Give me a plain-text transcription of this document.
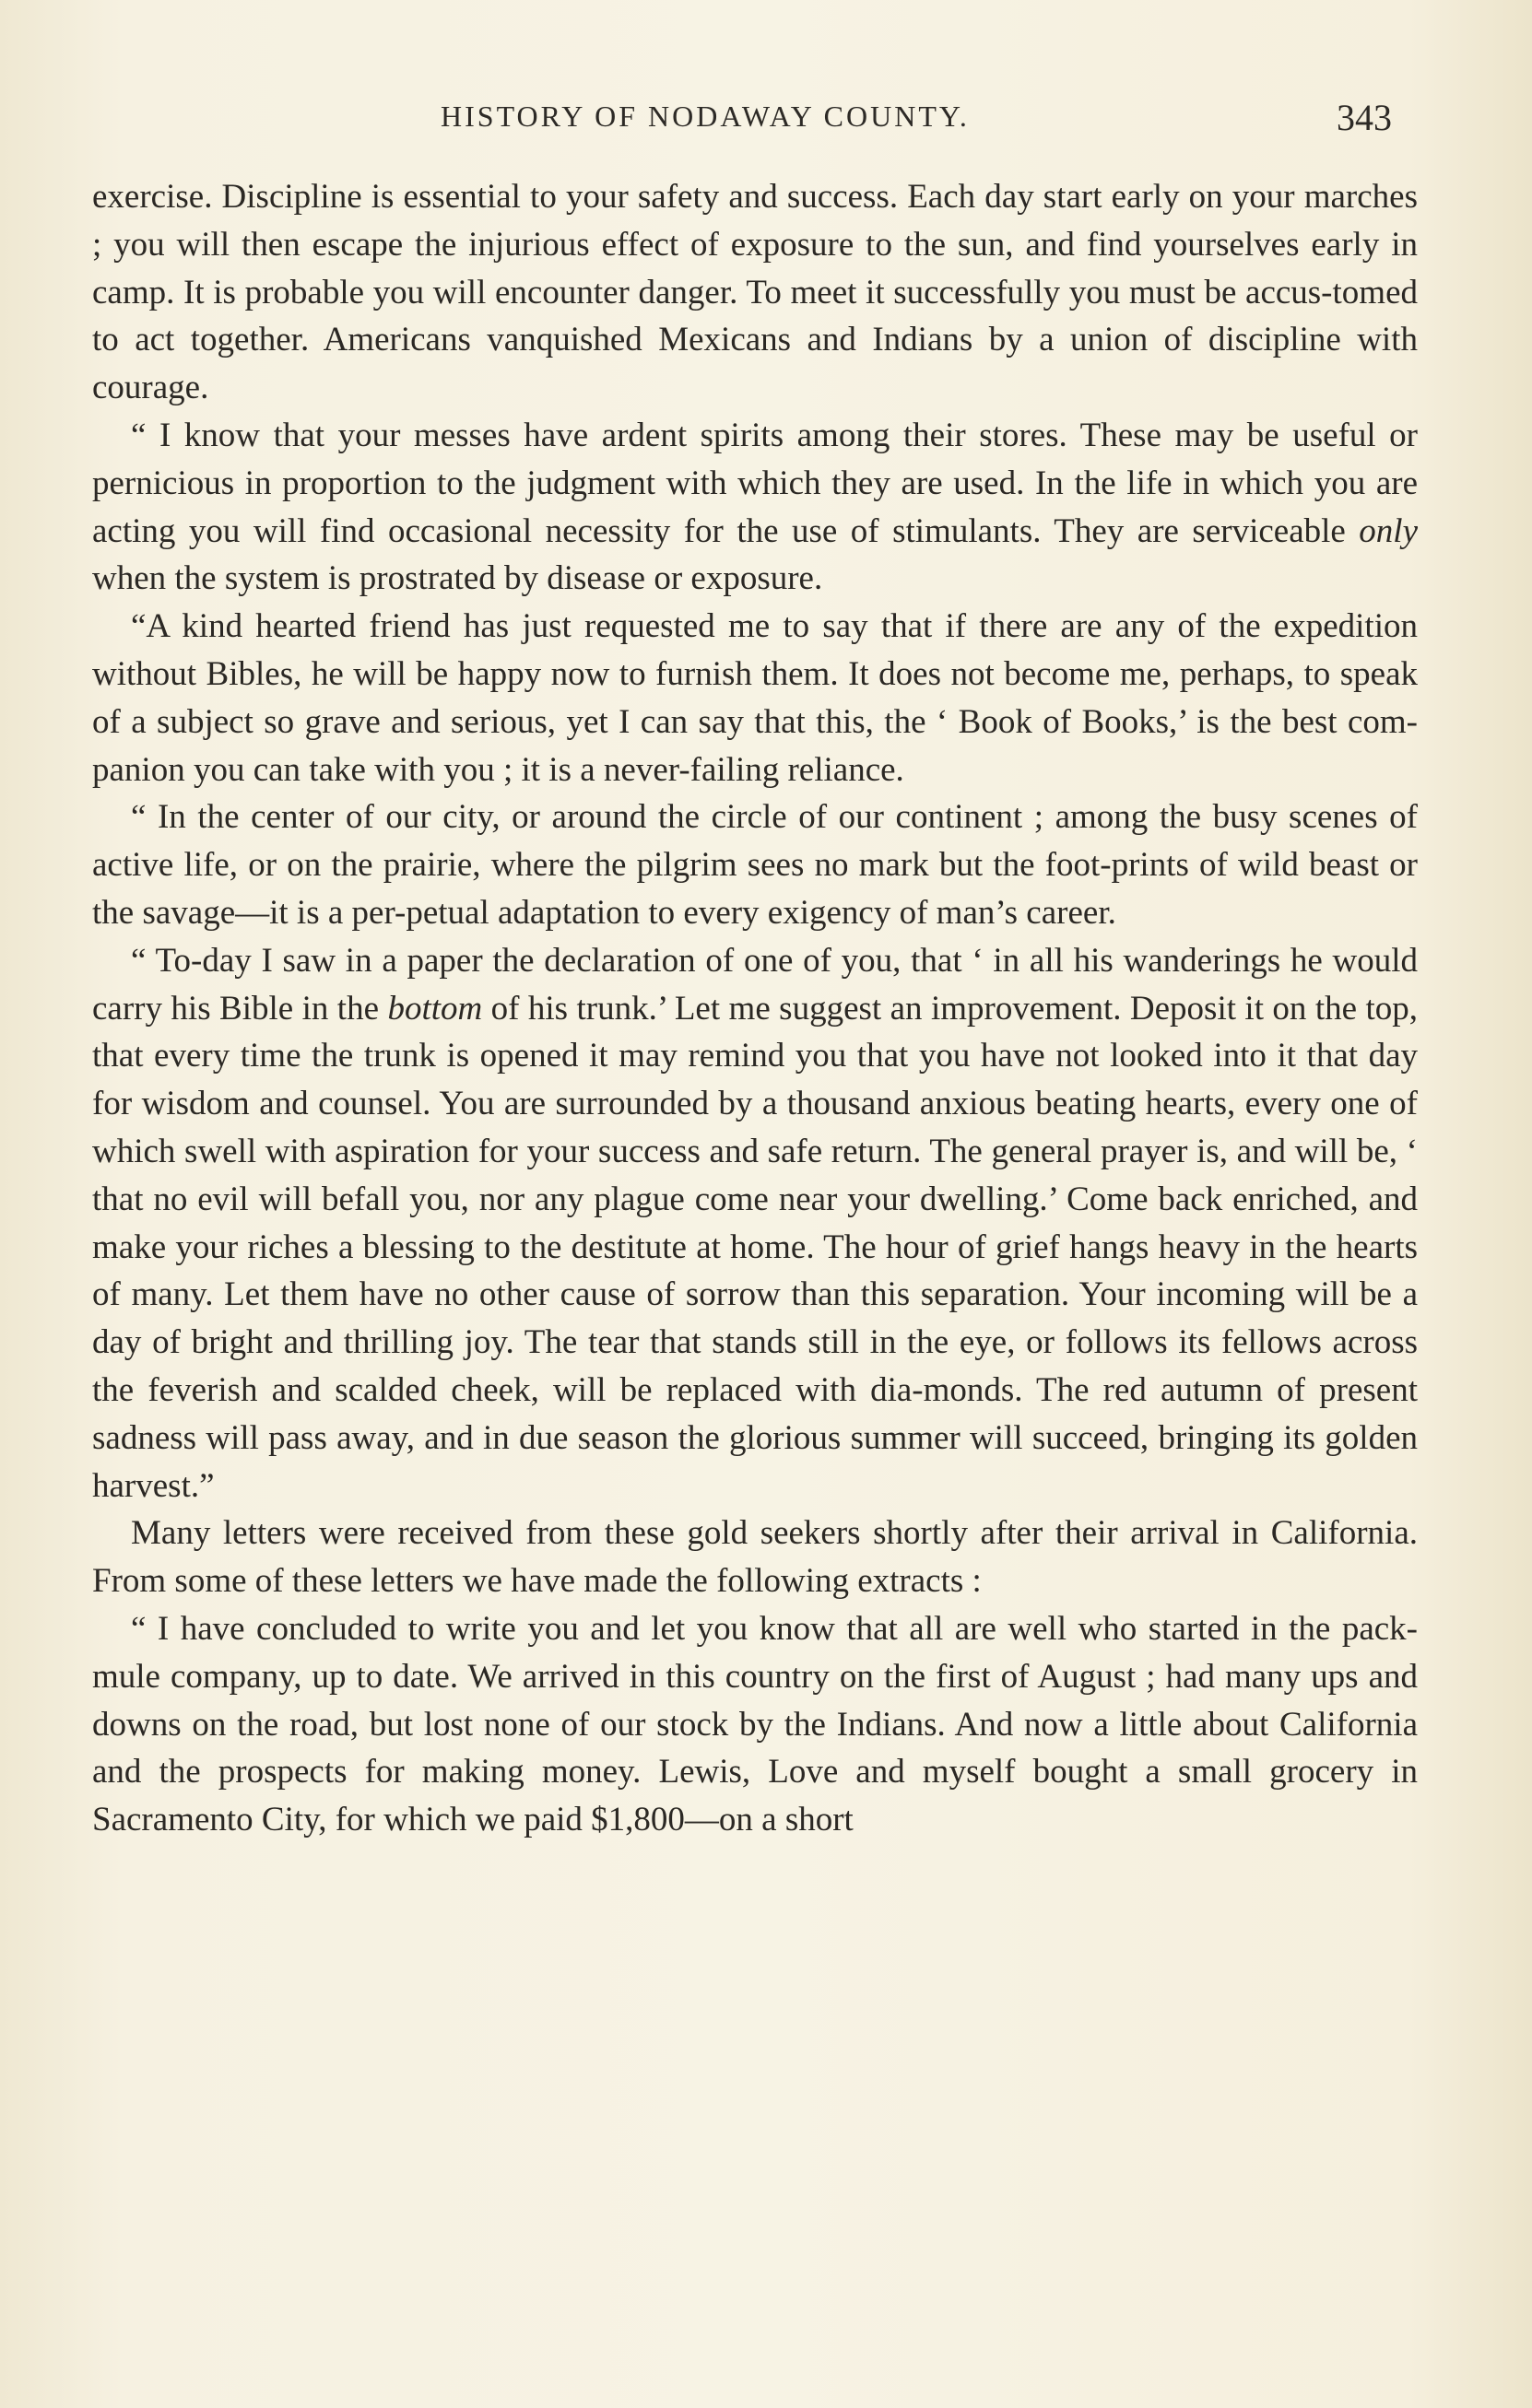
HISTORY OF NODAWAY COUNTY.	343

exercise. Discipline is essential to your safety and success. Each day start early on your marches ; you will then escape the injurious effect of exposure to the sun, and find yourselves early in camp. It is probable you will encounter danger. To meet it successfully you must be accus-tomed to act together. Americans vanquished Mexicans and Indians by a union of discipline with courage.

“ I know that your messes have ardent spirits among their stores. These may be useful or pernicious in proportion to the judgment with which they are used. In the life in which you are acting you will find occasional necessity for the use of stimulants. They are serviceable only when the system is prostrated by disease or exposure.

“A kind hearted friend has just requested me to say that if there are any of the expedition without Bibles, he will be happy now to furnish them. It does not become me, perhaps, to speak of a subject so grave and serious, yet I can say that this, the ‘ Book of Books,’ is the best com-panion you can take with you ; it is a never-failing reliance.

“ In the center of our city, or around the circle of our continent ; among the busy scenes of active life, or on the prairie, where the pilgrim sees no mark but the foot-prints of wild beast or the savage—it is a per-petual adaptation to every exigency of man’s career.

“ To-day I saw in a paper the declaration of one of you, that ‘ in all his wanderings he would carry his Bible in the bottom of his trunk.’ Let me suggest an improvement. Deposit it on the top, that every time the trunk is opened it may remind you that you have not looked into it that day for wisdom and counsel. You are surrounded by a thousand anxious beating hearts, every one of which swell with aspiration for your success and safe return. The general prayer is, and will be, ‘ that no evil will befall you, nor any plague come near your dwelling.’ Come back enriched, and make your riches a blessing to the destitute at home. The hour of grief hangs heavy in the hearts of many. Let them have no other cause of sorrow than this separation. Your incoming will be a day of bright and thrilling joy. The tear that stands still in the eye, or follows its fellows across the feverish and scalded cheek, will be replaced with dia-monds. The red autumn of present sadness will pass away, and in due season the glorious summer will succeed, bringing its golden harvest.”

Many letters were received from these gold seekers shortly after their arrival in California. From some of these letters we have made the following extracts :

“ I have concluded to write you and let you know that all are well who started in the pack-mule company, up to date. We arrived in this country on the first of August ; had many ups and downs on the road, but lost none of our stock by the Indians. And now a little about California and the prospects for making money. Lewis, Love and myself bought a small grocery in Sacramento City, for which we paid $1,800—on a short
